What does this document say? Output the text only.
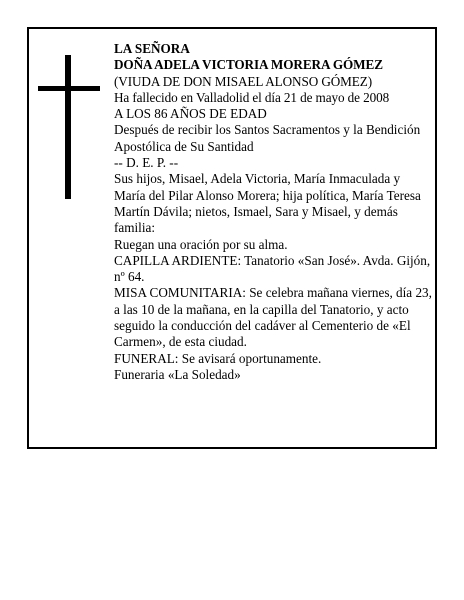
LA SEÑORA

DOÑA ADELA VICTORIA MORERA GÓMEZ

(VIUDA DE DON MISAEL ALONSO GÓMEZ)

Ha fallecido en Valladolid el día 21 de mayo de 2008

A LOS 86 AÑOS DE EDAD

Después de recibir los Santos Sacramentos y la Bendición Apostólica de Su Santidad

-- D. E. P. --

Sus hijos, Misael, Adela Victoria, María Inmaculada y María del Pilar Alonso Morera; hija política, María Teresa Martín Dávila; nietos, Ismael, Sara y Misael, y demás familia:

Ruegan una oración por su alma.

CAPILLA ARDIENTE: Tanatorio «San José». Avda. Gijón, nº 64.

MISA COMUNITARIA: Se celebra mañana viernes, día 23, a las 10 de la mañana, en la capilla del Tanatorio, y acto seguido la conducción del cadáver al Cementerio de «El Carmen», de esta ciudad.

FUNERAL: Se avisará oportunamente.

Funeraria «La Soledad»
